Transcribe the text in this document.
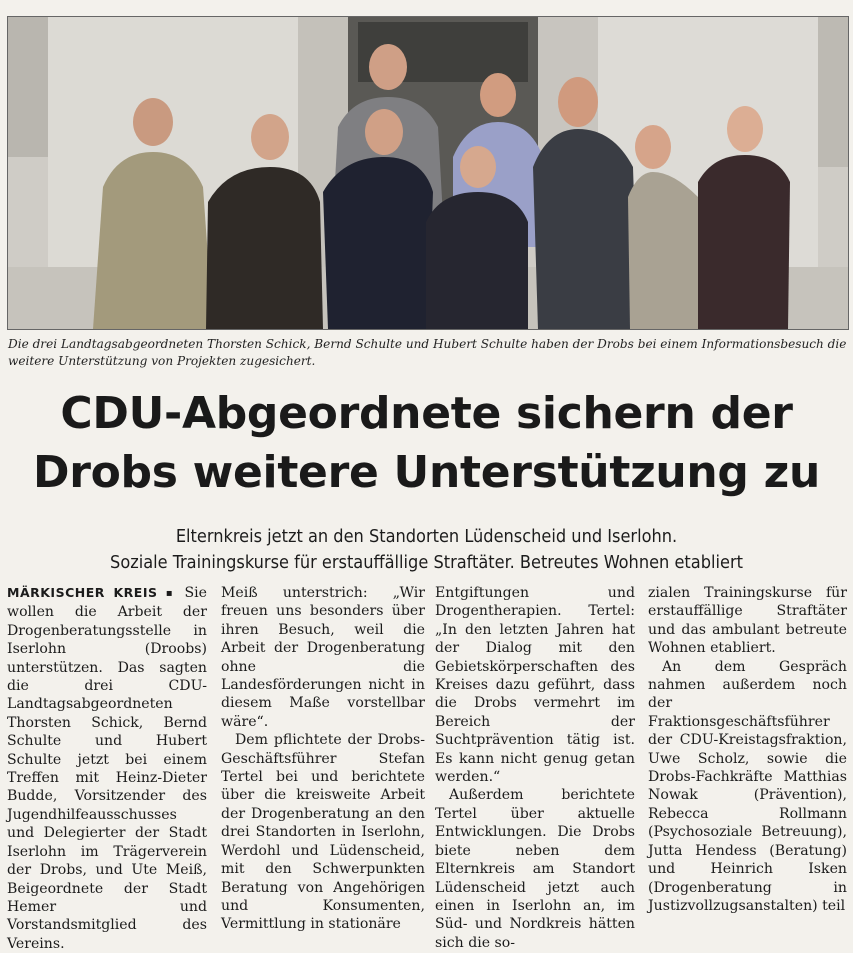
Die drei Landtagsabgeordneten Thorsten Schick, Bernd Schulte und Hubert Schulte haben der Drobs bei einem Informationsbesuch die weitere Unterstützung von Projekten zugesichert.

CDU-Abgeordnete sichern der
Drobs weitere Unterstützung zu

Elternkreis jetzt an den Standorten Lüdenscheid und Iserlohn.

Soziale Trainingskurse für erstauffällige Straftäter. Betreutes Wohnen etabliert

MÄRKISCHER KREIS ▪ Sie wollen die Arbeit der Drogenberatungsstelle in Iserlohn (Droobs) unterstützen. Das sagten die drei CDU-Landtagsabgeordneten Thorsten Schick, Bernd Schulte und Hubert Schulte jetzt bei einem Treffen mit Heinz-Dieter Budde, Vorsitzender des Jugendhilfeausschusses und Delegierter der Stadt Iserlohn im Trägerverein der Drobs, und Ute Meiß, Beigeordnete der Stadt Hemer und Vorstandsmitglied des Vereins.

Meiß unterstrich: „Wir freuen uns besonders über ihren Besuch, weil die Arbeit der Drogenberatung ohne die Landesförderungen nicht in diesem Maße vorstellbar wäre“.

Dem pflichtete der Drobs-Geschäftsführer Stefan Tertel bei und berichtete über die kreisweite Arbeit der Drogenberatung an den drei Standorten in Iserlohn, Werdohl und Lüdenscheid, mit den Schwerpunkten Beratung von Angehörigen und Konsumenten, Vermittlung in stationäre

Entgiftungen und Drogentherapien. Tertel: „In den letzten Jahren hat der Dialog mit den Gebietskörperschaften des Kreises dazu geführt, dass die Drobs vermehrt im Bereich der Suchtprävention tätig ist. Es kann nicht genug getan werden.“

Außerdem berichtete Tertel über aktuelle Entwicklungen. Die Drobs biete neben dem Elternkreis am Standort Lüdenscheid jetzt auch einen in Iserlohn an, im Süd- und Nordkreis hätten sich die so-

zialen Trainingskurse für erstauffällige Straftäter und das ambulant betreute Wohnen etabliert.

An dem Gespräch nahmen außerdem noch der Fraktionsgeschäftsführer der CDU-Kreistagsfraktion, Uwe Scholz, sowie die Drobs-Fachkräfte Matthias Nowak (Prävention), Rebecca Rollmann (Psychosoziale Betreuung), Jutta Hendess (Beratung) und Heinrich Isken (Drogenberatung in Justizvollzugsanstalten) teil
